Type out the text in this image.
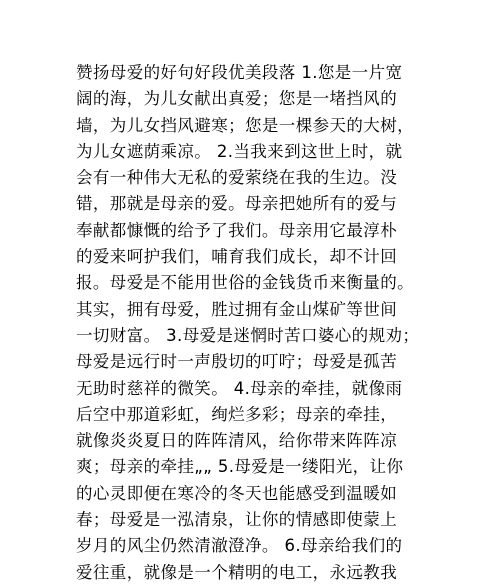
赞扬母爱的好句好段优美段落 1.您是一片宽
阔的海，为儿女献出真爱；您是一堵挡风的
墙，为儿女挡风避寒；您是一棵参天的大树，
为儿女遮荫乘凉。 2.当我来到这世上时，就
会有一种伟大无私的爱萦绕在我的生边。没
错，那就是母亲的爱。母亲把她所有的爱与
奉献都慷慨的给予了我们。母亲用它最淳朴
的爱来呵护我们，哺育我们成长，却不计回
报。母爱是不能用世俗的金钱货币来衡量的。
其实，拥有母爱，胜过拥有金山煤矿等世间
一切财富。 3.母爱是迷惘时苦口婆心的规劝；
母爱是远行时一声殷切的叮咛；母爱是孤苦
无助时慈祥的微笑。 4.母亲的牵挂，就像雨
后空中那道彩虹，绚烂多彩；母亲的牵挂，
就像炎炎夏日的阵阵清风，给你带来阵阵凉
爽；母亲的牵挂„„ 5.母爱是一缕阳光，让你
的心灵即便在寒冷的冬天也能感受到温暖如
春；母爱是一泓清泉，让你的情感即使蒙上
岁月的风尘仍然清澈澄净。 6.母亲给我们的
爱往重，就像是一个精明的电工，永远教我
